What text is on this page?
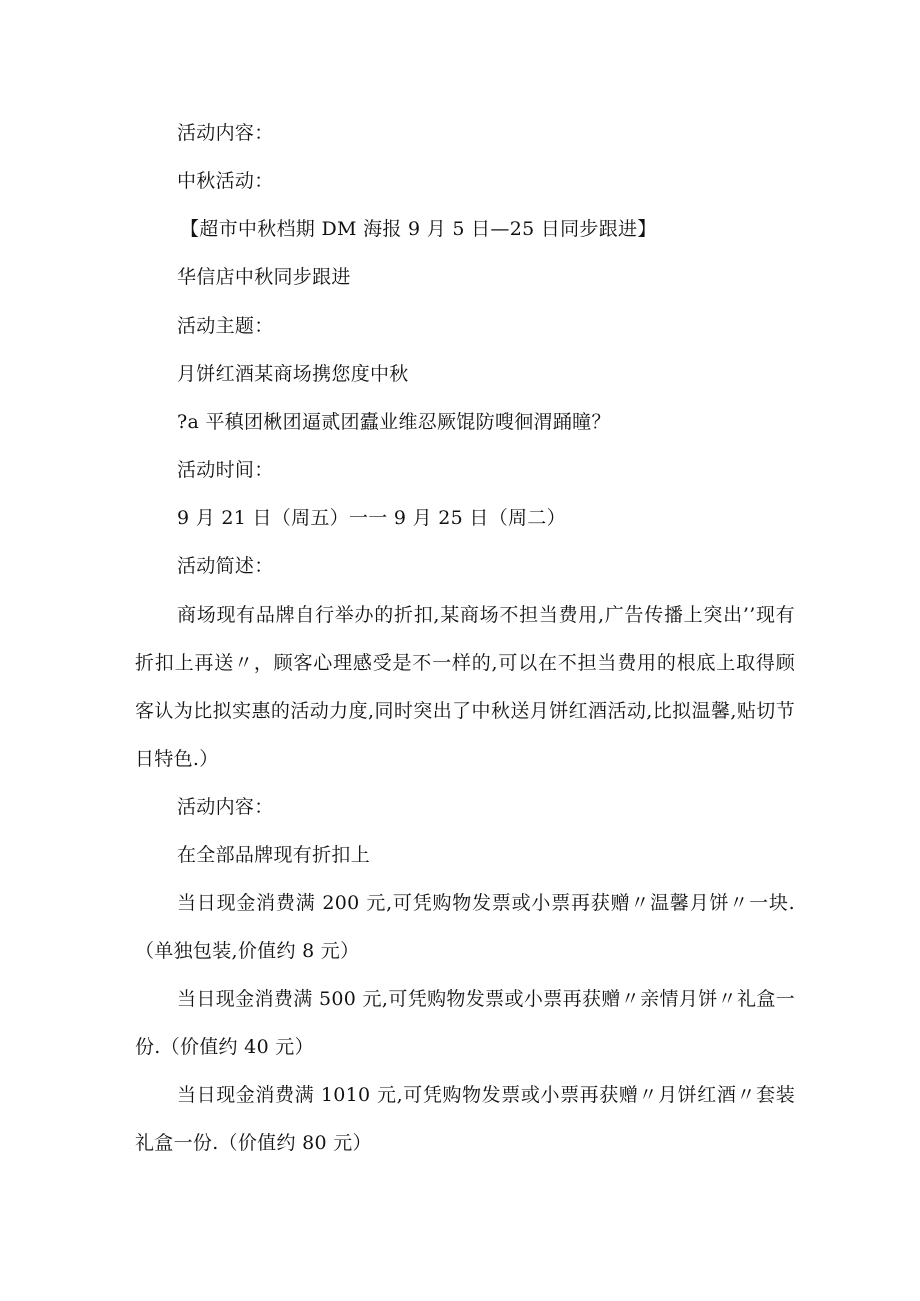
活动内容：
中秋活动：
【超市中秋档期 DM 海报 9 月 5 日—25 日同步跟进】
华信店中秋同步跟进
活动主题：
月饼红酒某商场携您度中秋
?a 平稹团楸团逼贰团蠹业维忍厥馄防嗖徊渭踊瞳？
活动时间：
9 月 21 日（周五）一一 9 月 25 日（周二）
活动简述：
商场现有品牌自行举办的折扣,某商场不担当费用,广告传播上突出’’现有折扣上再送〃，顾客心理感受是不一样的,可以在不担当费用的根底上取得顾客认为比拟实惠的活动力度,同时突出了中秋送月饼红酒活动,比拟温馨,贴切节日特色.）
活动内容：
在全部品牌现有折扣上
当日现金消费满 200 元,可凭购物发票或小票再获赠〃温馨月饼〃一块.（单独包装,价值约 8 元）
当日现金消费满 500 元,可凭购物发票或小票再获赠〃亲情月饼〃礼盒一份.（价值约 40 元）
当日现金消费满 1010 元,可凭购物发票或小票再获赠〃月饼红酒〃套装礼盒一份.（价值约 80 元）
